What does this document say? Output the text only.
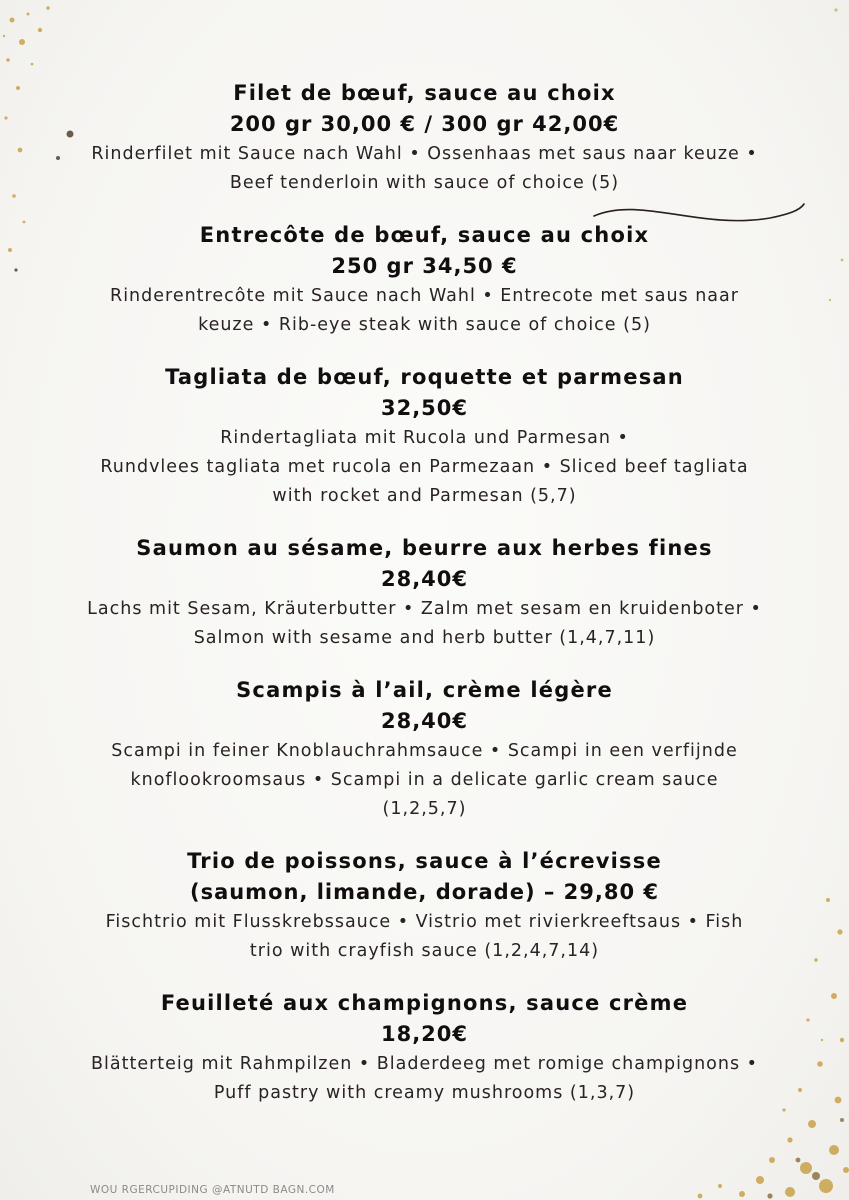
Filet de bœuf, sauce au choix
200 gr 30,00 € / 300 gr 42,00€
Rinderfilet mit Sauce nach Wahl • Ossenhaas met saus naar keuze •
Beef tenderloin with sauce of choice (5)
Entrecôte de bœuf, sauce au choix
250 gr 34,50 €
Rinderentrecôte mit Sauce nach Wahl • Entrecote met saus naar
keuze • Rib-eye steak with sauce of choice (5)
Tagliata de bœuf, roquette et parmesan
32,50€
Rindertagliata mit Rucola und Parmesan •
Rundvlees tagliata met rucola en Parmezaan • Sliced beef tagliata
with rocket and Parmesan (5,7)
Saumon au sésame, beurre aux herbes fines
28,40€
Lachs mit Sesam, Kräuterbutter • Zalm met sesam en kruidenboter •
Salmon with sesame and herb butter (1,4,7,11)
Scampis à l’ail, crème légère
28,40€
Scampi in feiner Knoblauchrahmsauce • Scampi in een verfijnde
knoflookroomsaus • Scampi in a delicate garlic cream sauce
(1,2,5,7)
Trio de poissons, sauce à l’écrevisse
(saumon, limande, dorade) – 29,80 €
Fischtrio mit Flusskrebssauce • Vistrio met rivierkreeftsaus • Fish
trio with crayfish sauce (1,2,4,7,14)
Feuilleté aux champignons, sauce crème
18,20€
Blätterteig mit Rahmpilzen • Bladerdeeg met romige champignons •
Puff pastry with creamy mushrooms (1,3,7)
WOU RGERCUPIDING @ATNUTD BAGN.COM
